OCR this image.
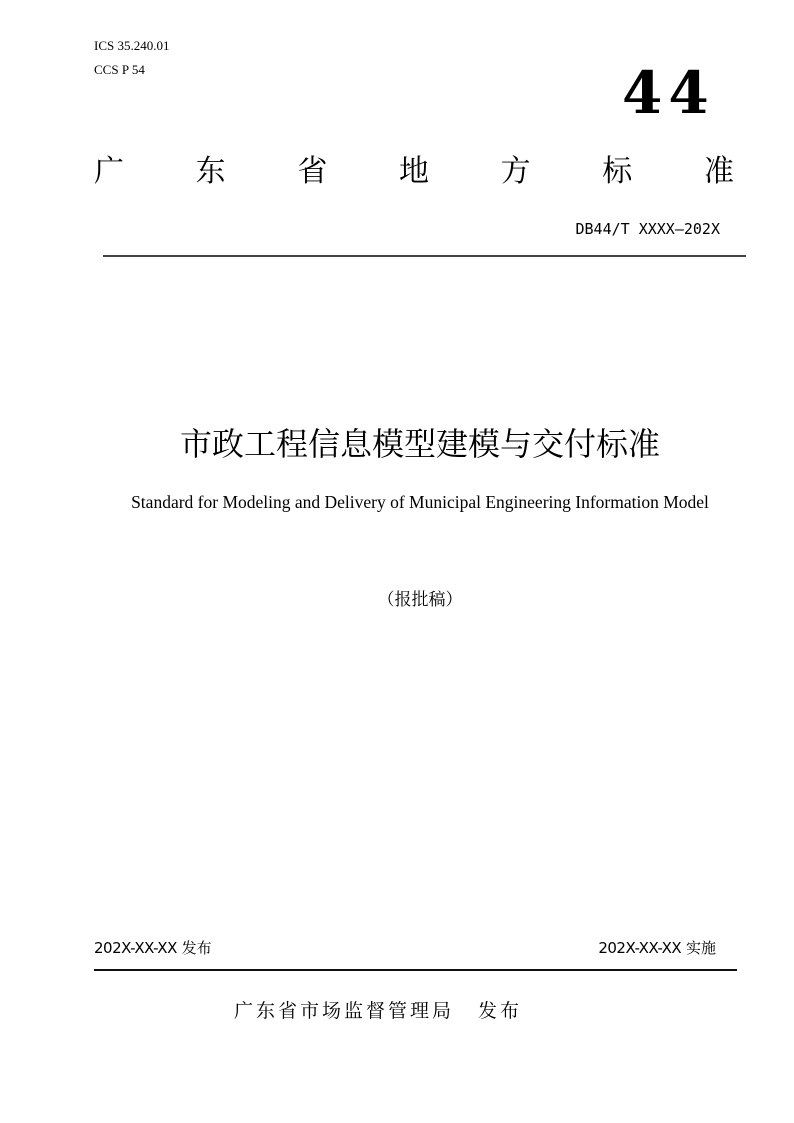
ICS 35.240.01
CCS P 54	44
广 东 省 地 方 标 准
DB44/T XXXX—202X
市政工程信息模型建模与交付标准
Standard for Modeling and Delivery of Municipal Engineering Information Model
（报批稿）
202X-XX-XX 发布	202X-XX-XX 实施
广东省市场监督管理局 发布
